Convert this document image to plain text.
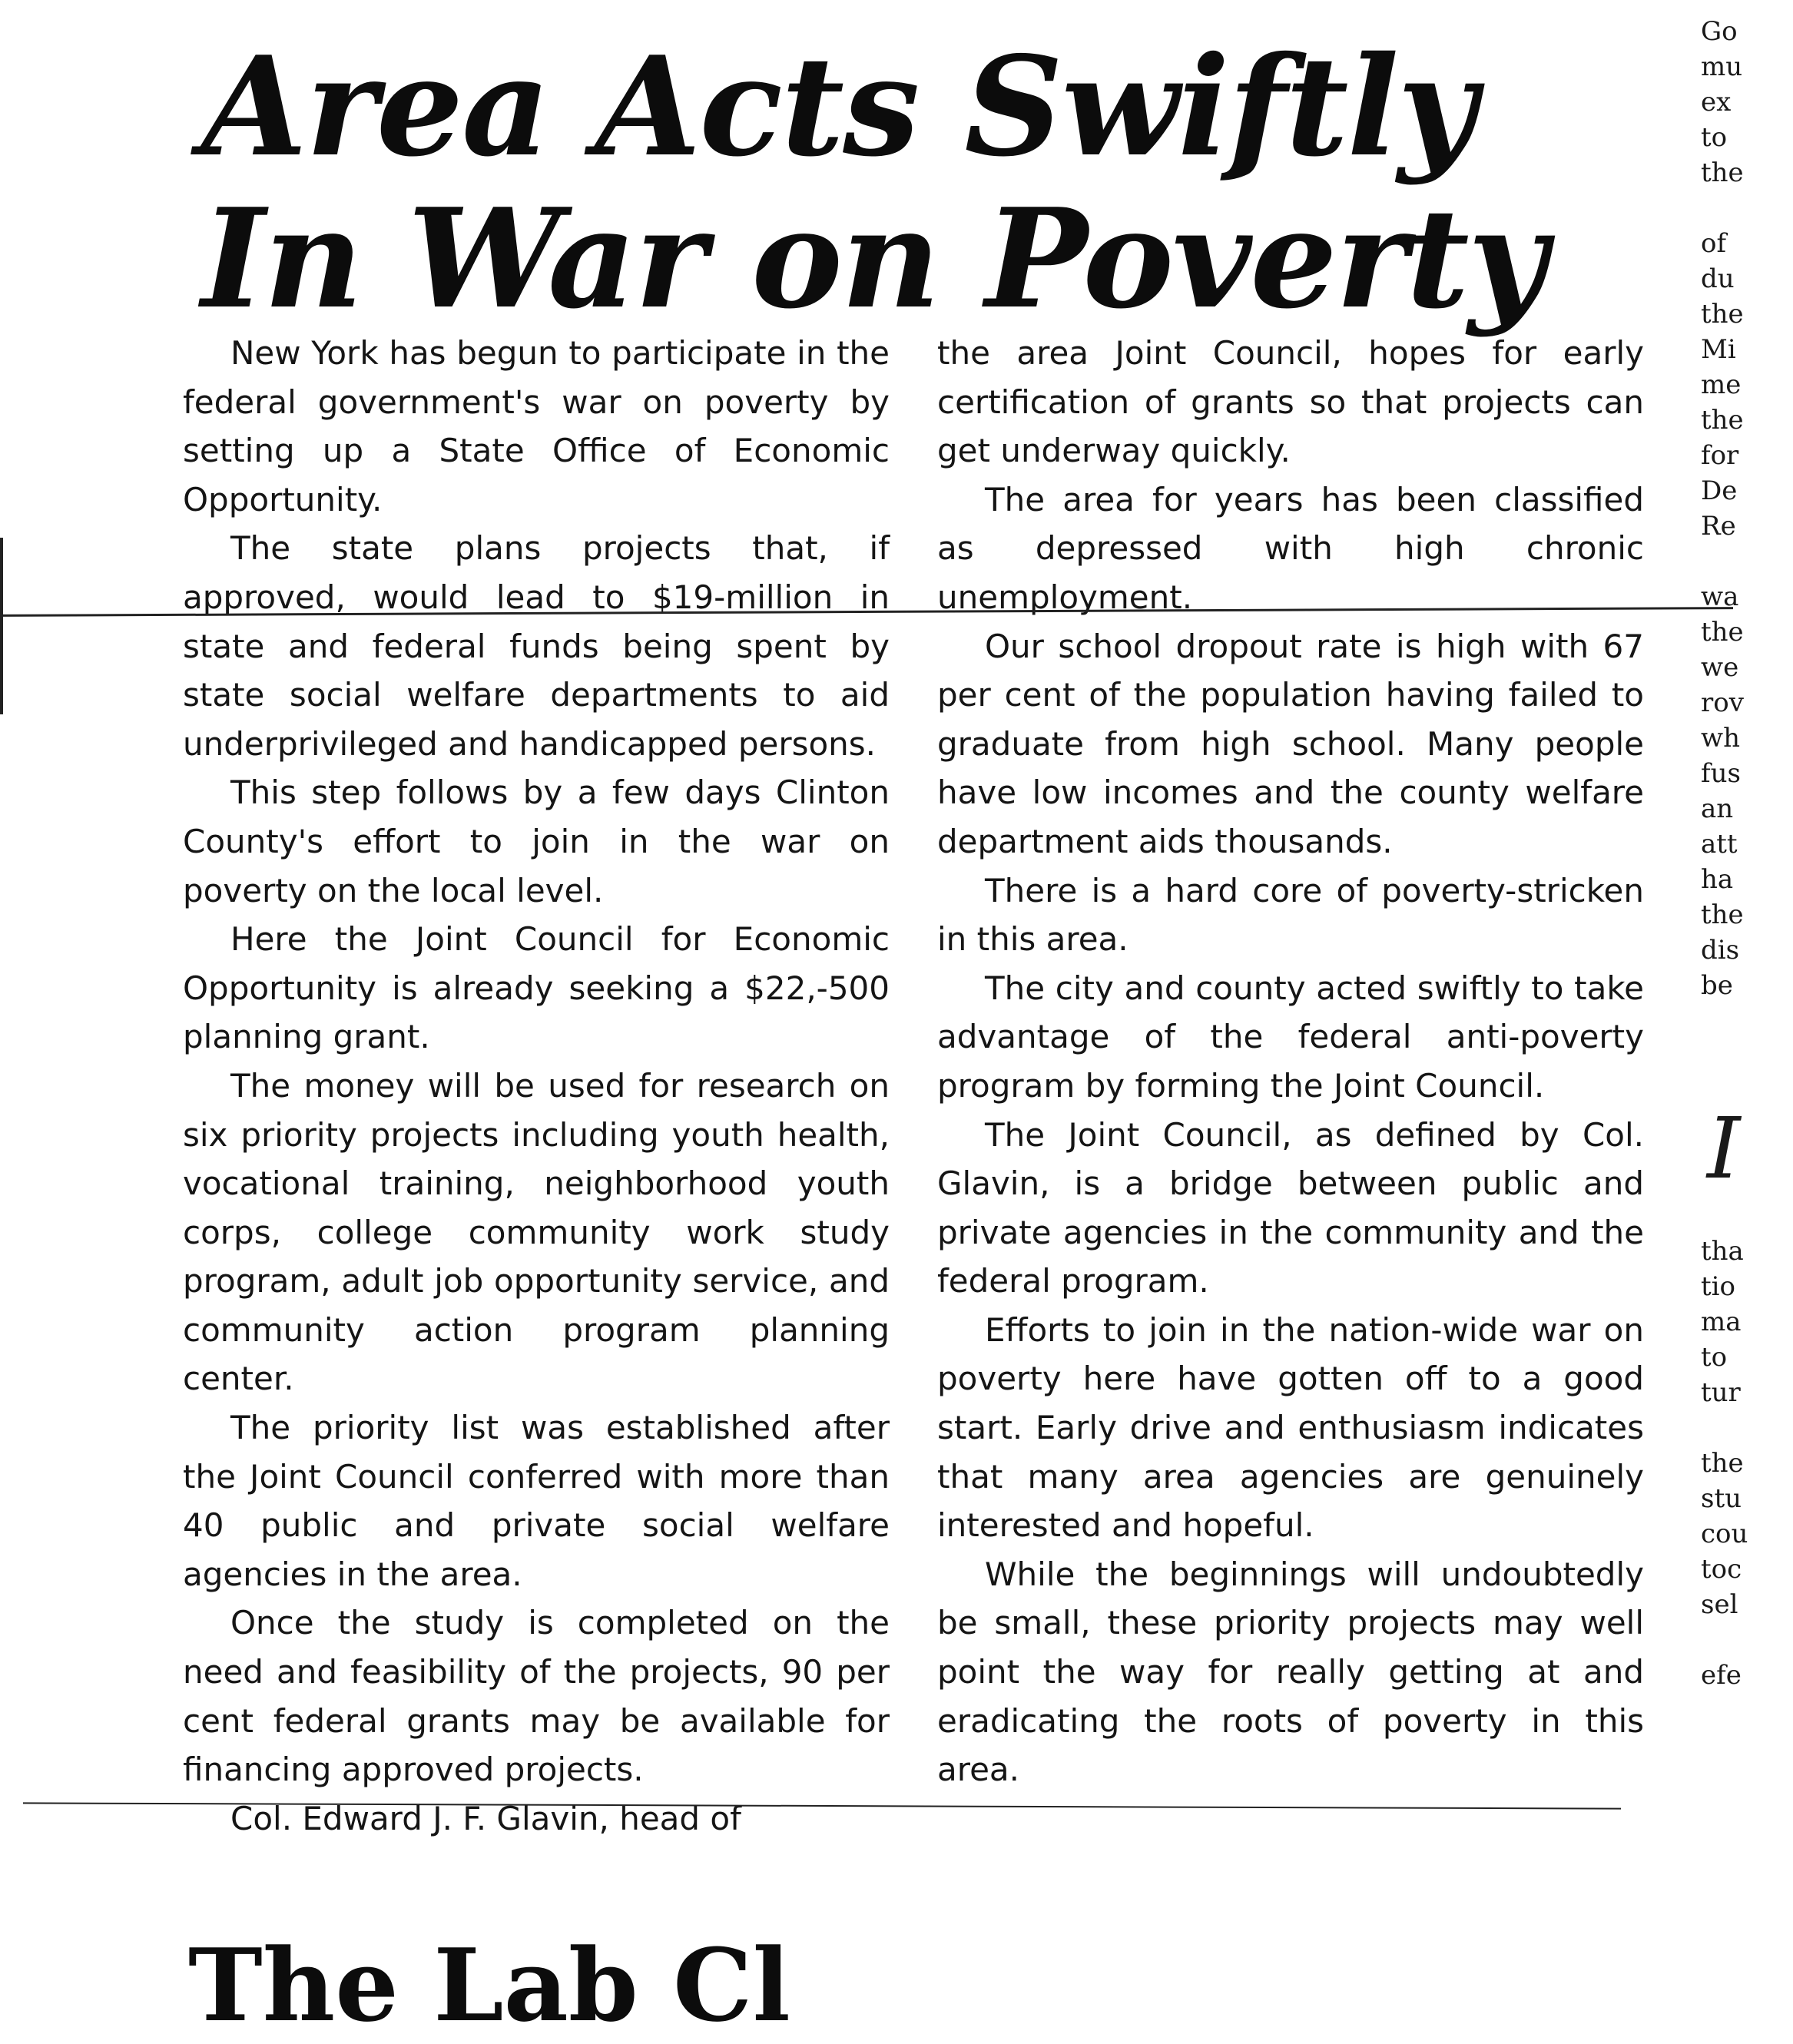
Area Acts Swiftly
In War on Poverty

New York has begun to participate in the federal government's war on poverty by setting up a State Office of Economic Opportunity.

The state plans projects that, if approved, would lead to $19-million in state and federal funds being spent by state social welfare departments to aid underprivileged and handicapped persons.

This step follows by a few days Clinton County's effort to join in the war on poverty on the local level.

Here the Joint Council for Economic Opportunity is already seeking a $22,-500 planning grant.

The money will be used for research on six priority projects including youth health, vocational training, neighborhood youth corps, college community work study program, adult job opportunity service, and community action program planning center.

The priority list was established after the Joint Council conferred with more than 40 public and private social welfare agencies in the area.

Once the study is completed on the need and feasibility of the projects, 90 per cent federal grants may be available for financing approved projects.

Col. Edward J. F. Glavin, head of

the area Joint Council, hopes for early certification of grants so that projects can get underway quickly.

The area for years has been classified as depressed with high chronic unemployment.

Our school dropout rate is high with 67 per cent of the population having failed to graduate from high school. Many people have low incomes and the county welfare department aids thousands.

There is a hard core of poverty-stricken in this area.

The city and county acted swiftly to take advantage of the federal anti-poverty program by forming the Joint Council.

The Joint Council, as defined by Col. Glavin, is a bridge between public and private agencies in the community and the federal program.

Efforts to join in the nation-wide war on poverty here have gotten off to a good start. Early drive and enthusiasm indicates that many area agencies are genuinely interested and hopeful.

While the beginnings will undoubtedly be small, these priority projects may well point the way for really getting at and eradicating the roots of poverty in this area.

Go
mu
ex
to
the
of
du
the
Mi
me
the
for
De
Re
wa
the
we
rov
wh
fus
an
att
ha
the
dis
be
I
tha
tio
ma
to
tur
the
stu
cou
toc
sel
efe
The Lab Cl
